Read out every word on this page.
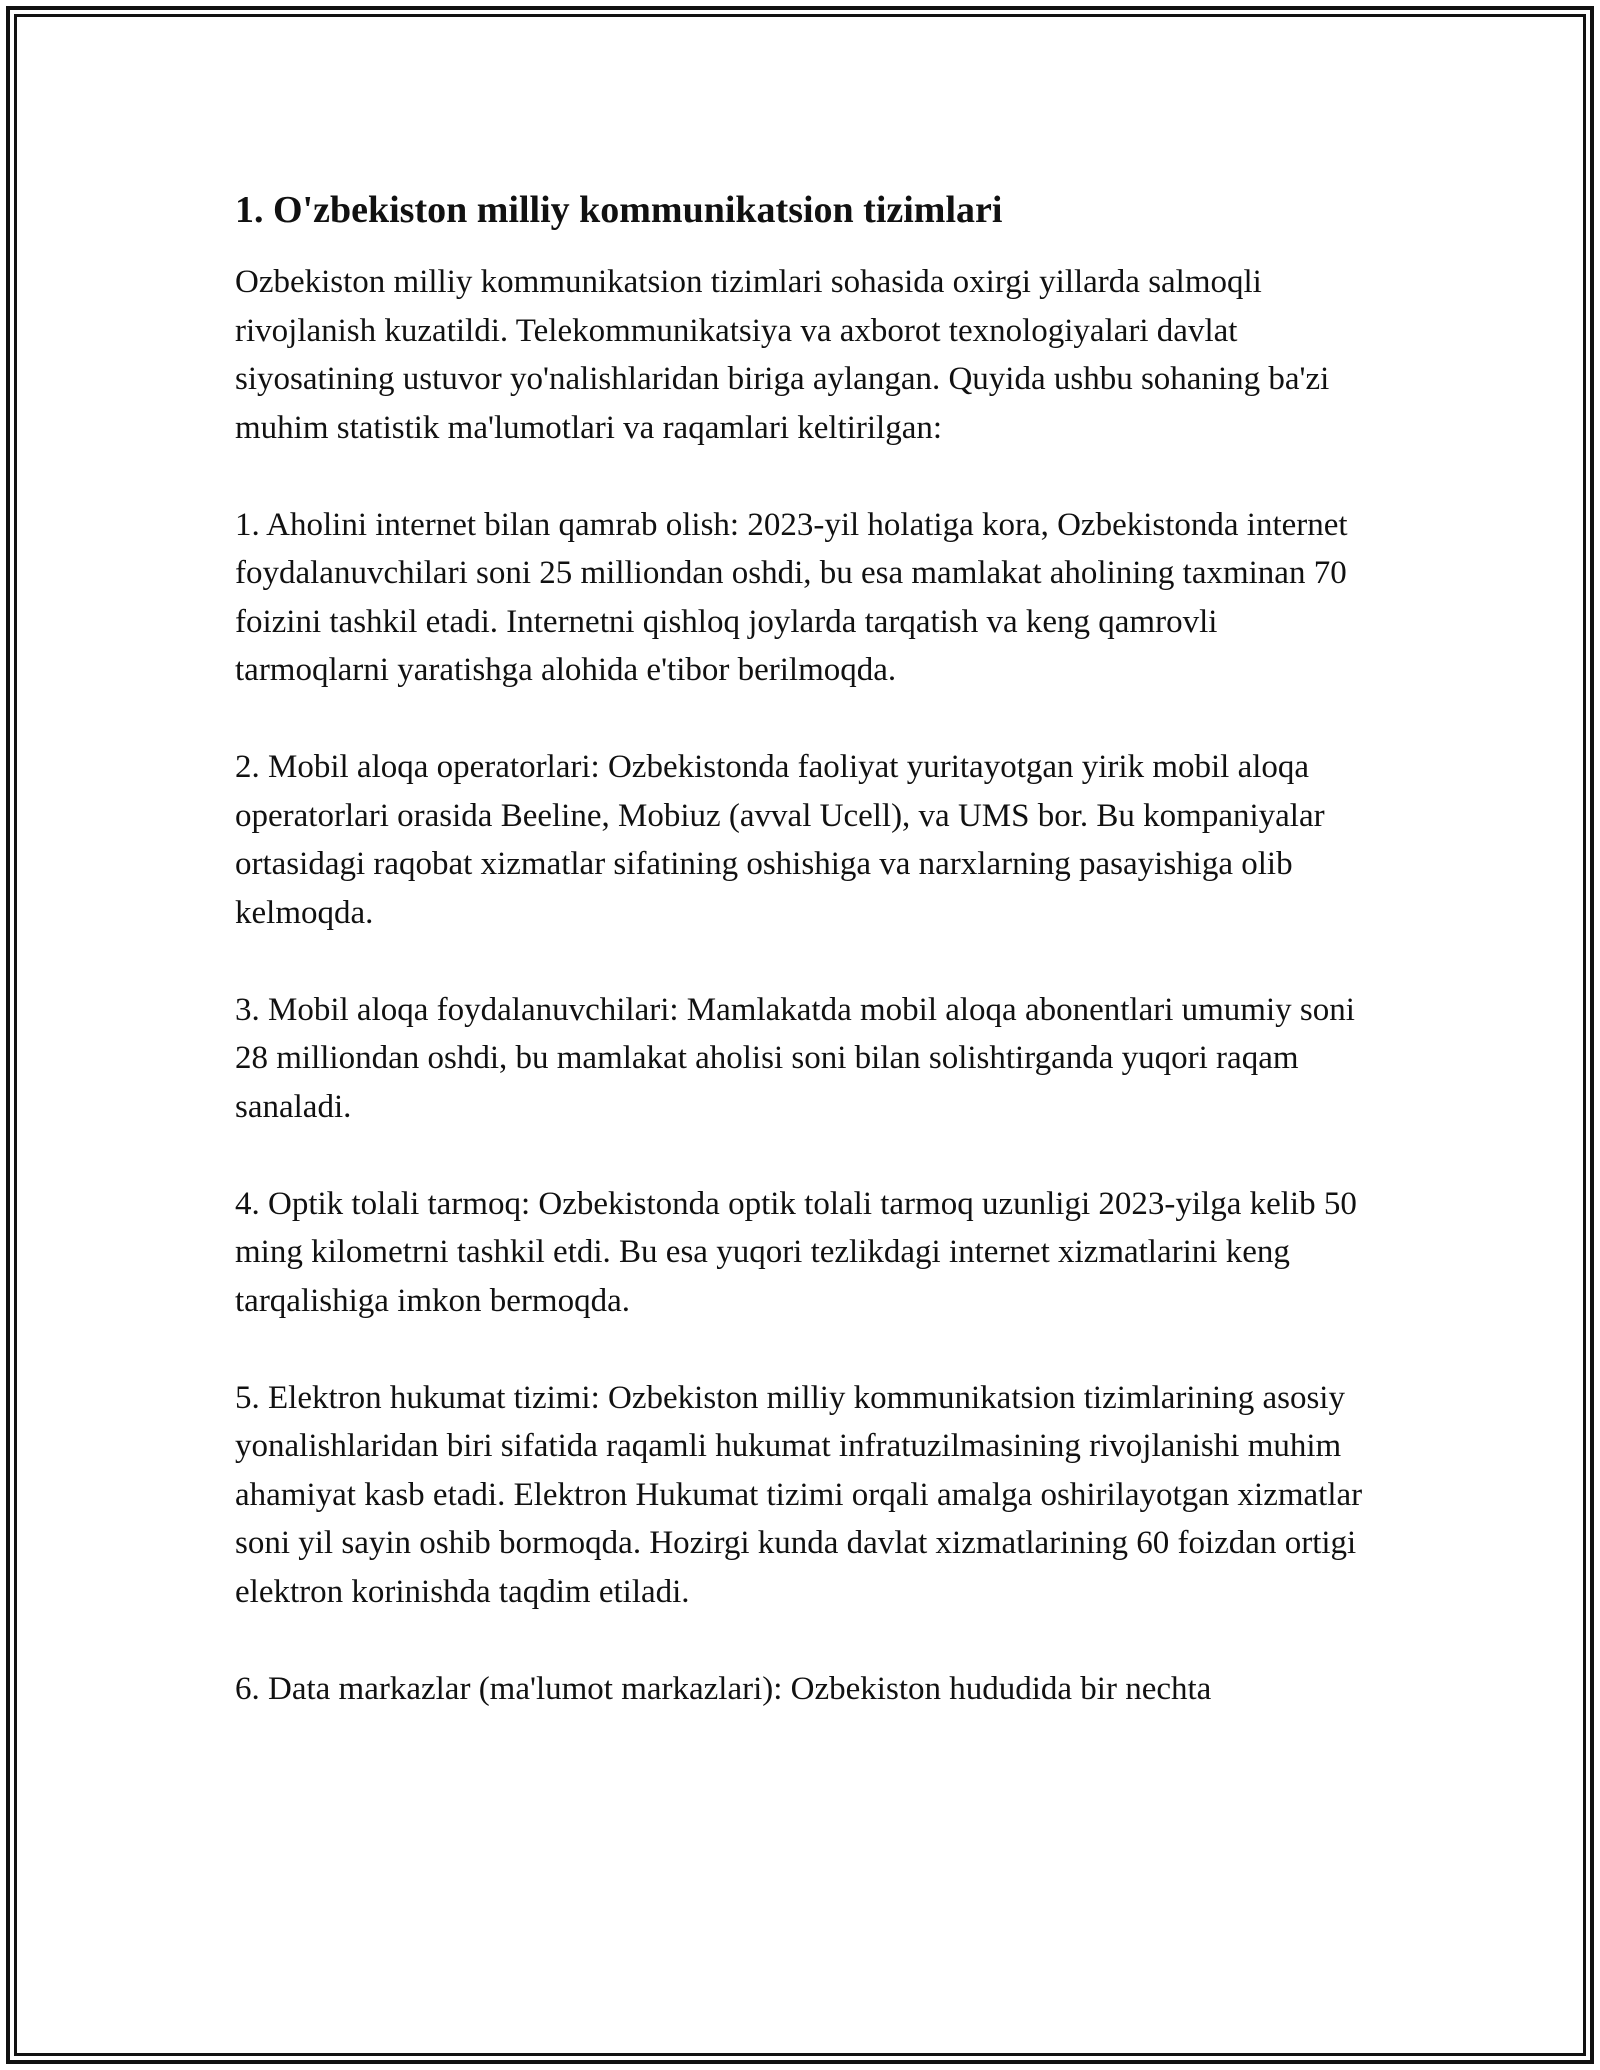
1. O'zbekiston milliy kommunikatsion tizimlari

Ozbekiston milliy kommunikatsion tizimlari sohasida oxirgi yillarda salmoqli rivojlanish kuzatildi. Telekommunikatsiya va axborot texnologiyalari davlat siyosatining ustuvor yo'nalishlaridan biriga aylangan. Quyida ushbu sohaning ba'zi muhim statistik ma'lumotlari va raqamlari keltirilgan:

1. Aholini internet bilan qamrab olish: 2023-yil holatiga kora, Ozbekistonda internet foydalanuvchilari soni 25 milliondan oshdi, bu esa mamlakat aholining taxminan 70 foizini tashkil etadi. Internetni qishloq joylarda tarqatish va keng qamrovli tarmoqlarni yaratishga alohida e'tibor berilmoqda.

2. Mobil aloqa operatorlari: Ozbekistonda faoliyat yuritayotgan yirik mobil aloqa operatorlari orasida Beeline, Mobiuz (avval Ucell), va UMS bor. Bu kompaniyalar ortasidagi raqobat xizmatlar sifatining oshishiga va narxlarning pasayishiga olib kelmoqda.

3. Mobil aloqa foydalanuvchilari: Mamlakatda mobil aloqa abonentlari umumiy soni 28 milliondan oshdi, bu mamlakat aholisi soni bilan solishtirganda yuqori raqam sanaladi.

4. Optik tolali tarmoq: Ozbekistonda optik tolali tarmoq uzunligi 2023-yilga kelib 50 ming kilometrni tashkil etdi. Bu esa yuqori tezlikdagi internet xizmatlarini keng tarqalishiga imkon bermoqda.

5. Elektron hukumat tizimi: Ozbekiston milliy kommunikatsion tizimlarining asosiy yonalishlaridan biri sifatida raqamli hukumat infratuzilmasining rivojlanishi muhim ahamiyat kasb etadi. Elektron Hukumat tizimi orqali amalga oshirilayotgan xizmatlar soni yil sayin oshib bormoqda. Hozirgi kunda davlat xizmatlarining 60 foizdan ortigi elektron korinishda taqdim etiladi.

6. Data markazlar (ma'lumot markazlari): Ozbekiston hududida bir nechta
